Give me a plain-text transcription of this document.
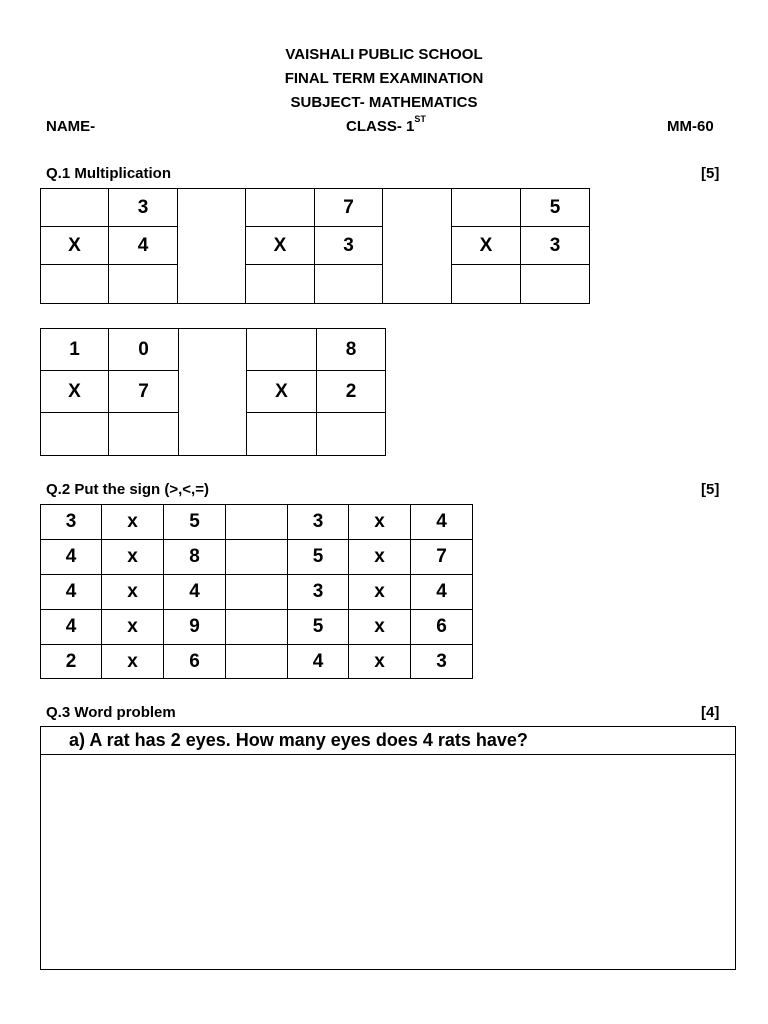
VAISHALI PUBLIC SCHOOL
FINAL TERM EXAMINATION
SUBJECT- MATHEMATICS
NAME-	CLASS- 1ST	MM-60
Q.1 Multiplication	[5]
	3			7			5
X	4		X	3		X	3

1	0			8
X	7		X	2

Q.2 Put the sign (>,<,=)	[5]
3	x	5		3	x	4
4	x	8		5	x	7
4	x	4		3	x	4
4	x	9		5	x	6
2	x	6		4	x	3
Q.3 Word problem	[4]
a) A rat has 2 eyes. How many eyes does 4 rats have?
